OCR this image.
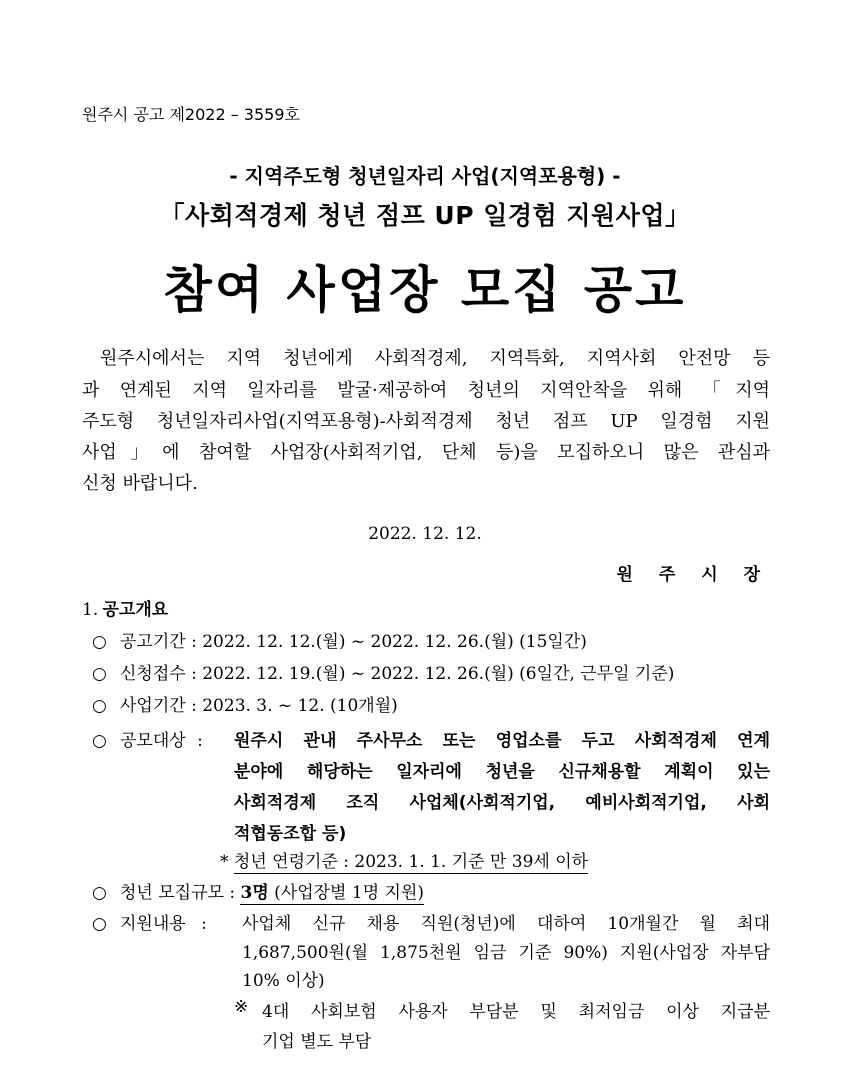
원주시 공고 제2022 – 3559호
- 지역주도형 청년일자리 사업(지역포용형) -
「사회적경제 청년 점프 UP 일경험 지원사업」
참여 사업장 모집 공고
원주시에서는 지역 청년에게 사회적경제, 지역특화, 지역사회 안전망 등
과 연계된 지역 일자리를 발굴·제공하여 청년의 지역안착을 위해 「지역
주도형 청년일자리사업(지역포용형)-사회적경제 청년 점프 UP 일경험 지원
사업」에 참여할 사업장(사회적기업, 단체 등)을 모집하오니 많은 관심과
신청 바랍니다.
2022. 12. 12.
원 주 시 장
1. 공고개요
○ 공고기간 : 2022. 12. 12.(월) ~ 2022. 12. 26.(월) (15일간)
○ 신청접수 : 2022. 12. 19.(월) ~ 2022. 12. 26.(월) (6일간, 근무일 기준)
○ 사업기간 : 2023. 3. ~ 12. (10개월)
○ 공모대상 : 원주시 관내 주사무소 또는 영업소를 두고 사회적경제 연계
분야에 해당하는 일자리에 청년을 신규채용할 계획이 있는
사회적경제 조직 사업체(사회적기업, 예비사회적기업, 사회
적협동조합 등)
* 청년 연령기준 : 2023. 1. 1. 기준 만 39세 이하
○ 청년 모집규모 : 3명 (사업장별 1명 지원)
○ 지원내용 : 사업체 신규 채용 직원(청년)에 대하여 10개월간 월 최대
1,687,500원(월 1,875천원 임금 기준 90%) 지원(사업장 자부담
10% 이상)
※ 4대 사회보험 사용자 부담분 및 최저임금 이상 지급분
기업 별도 부담
